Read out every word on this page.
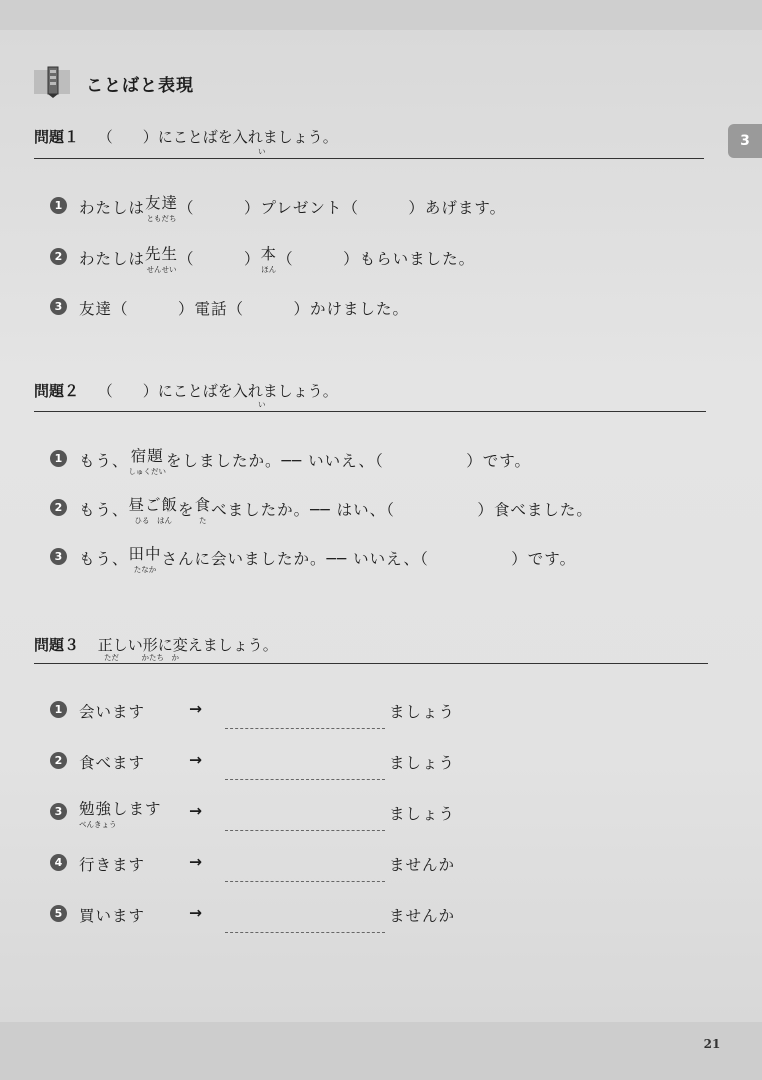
3
ことばと表現
問題１ （　　）にことばを入れましょう。
い
1	わたしは 友達
ともだち
（　　　）プレゼント（　　　）あげます。
2	わたしは 先生
せんせい
（　　　） 本
ほん
（　　　）もらいました。
3	友達（　　　）電話（　　　）かけました。
問題２ （　　）にことばを入れましょう。
い
1	もう、 宿題
しゅくだい
をしましたか。── いいえ、（　　　　　）です。
2	もう、 昼ご飯
ひる　はん
を 食
た
べましたか。── はい、（　　　　　）食べました。
3	もう、 田中
たなか
さんに会いましたか。── いいえ、（　　　　　）です。
問題３ 正しい形に変えましょう。
ただ　　　かたち　か
1	会います	→	ましょう
2	食べます	→	ましょう
3	勉強します
べんきょう
→	ましょう
4	行きます	→	ませんか
5	買います	→	ませんか
21
